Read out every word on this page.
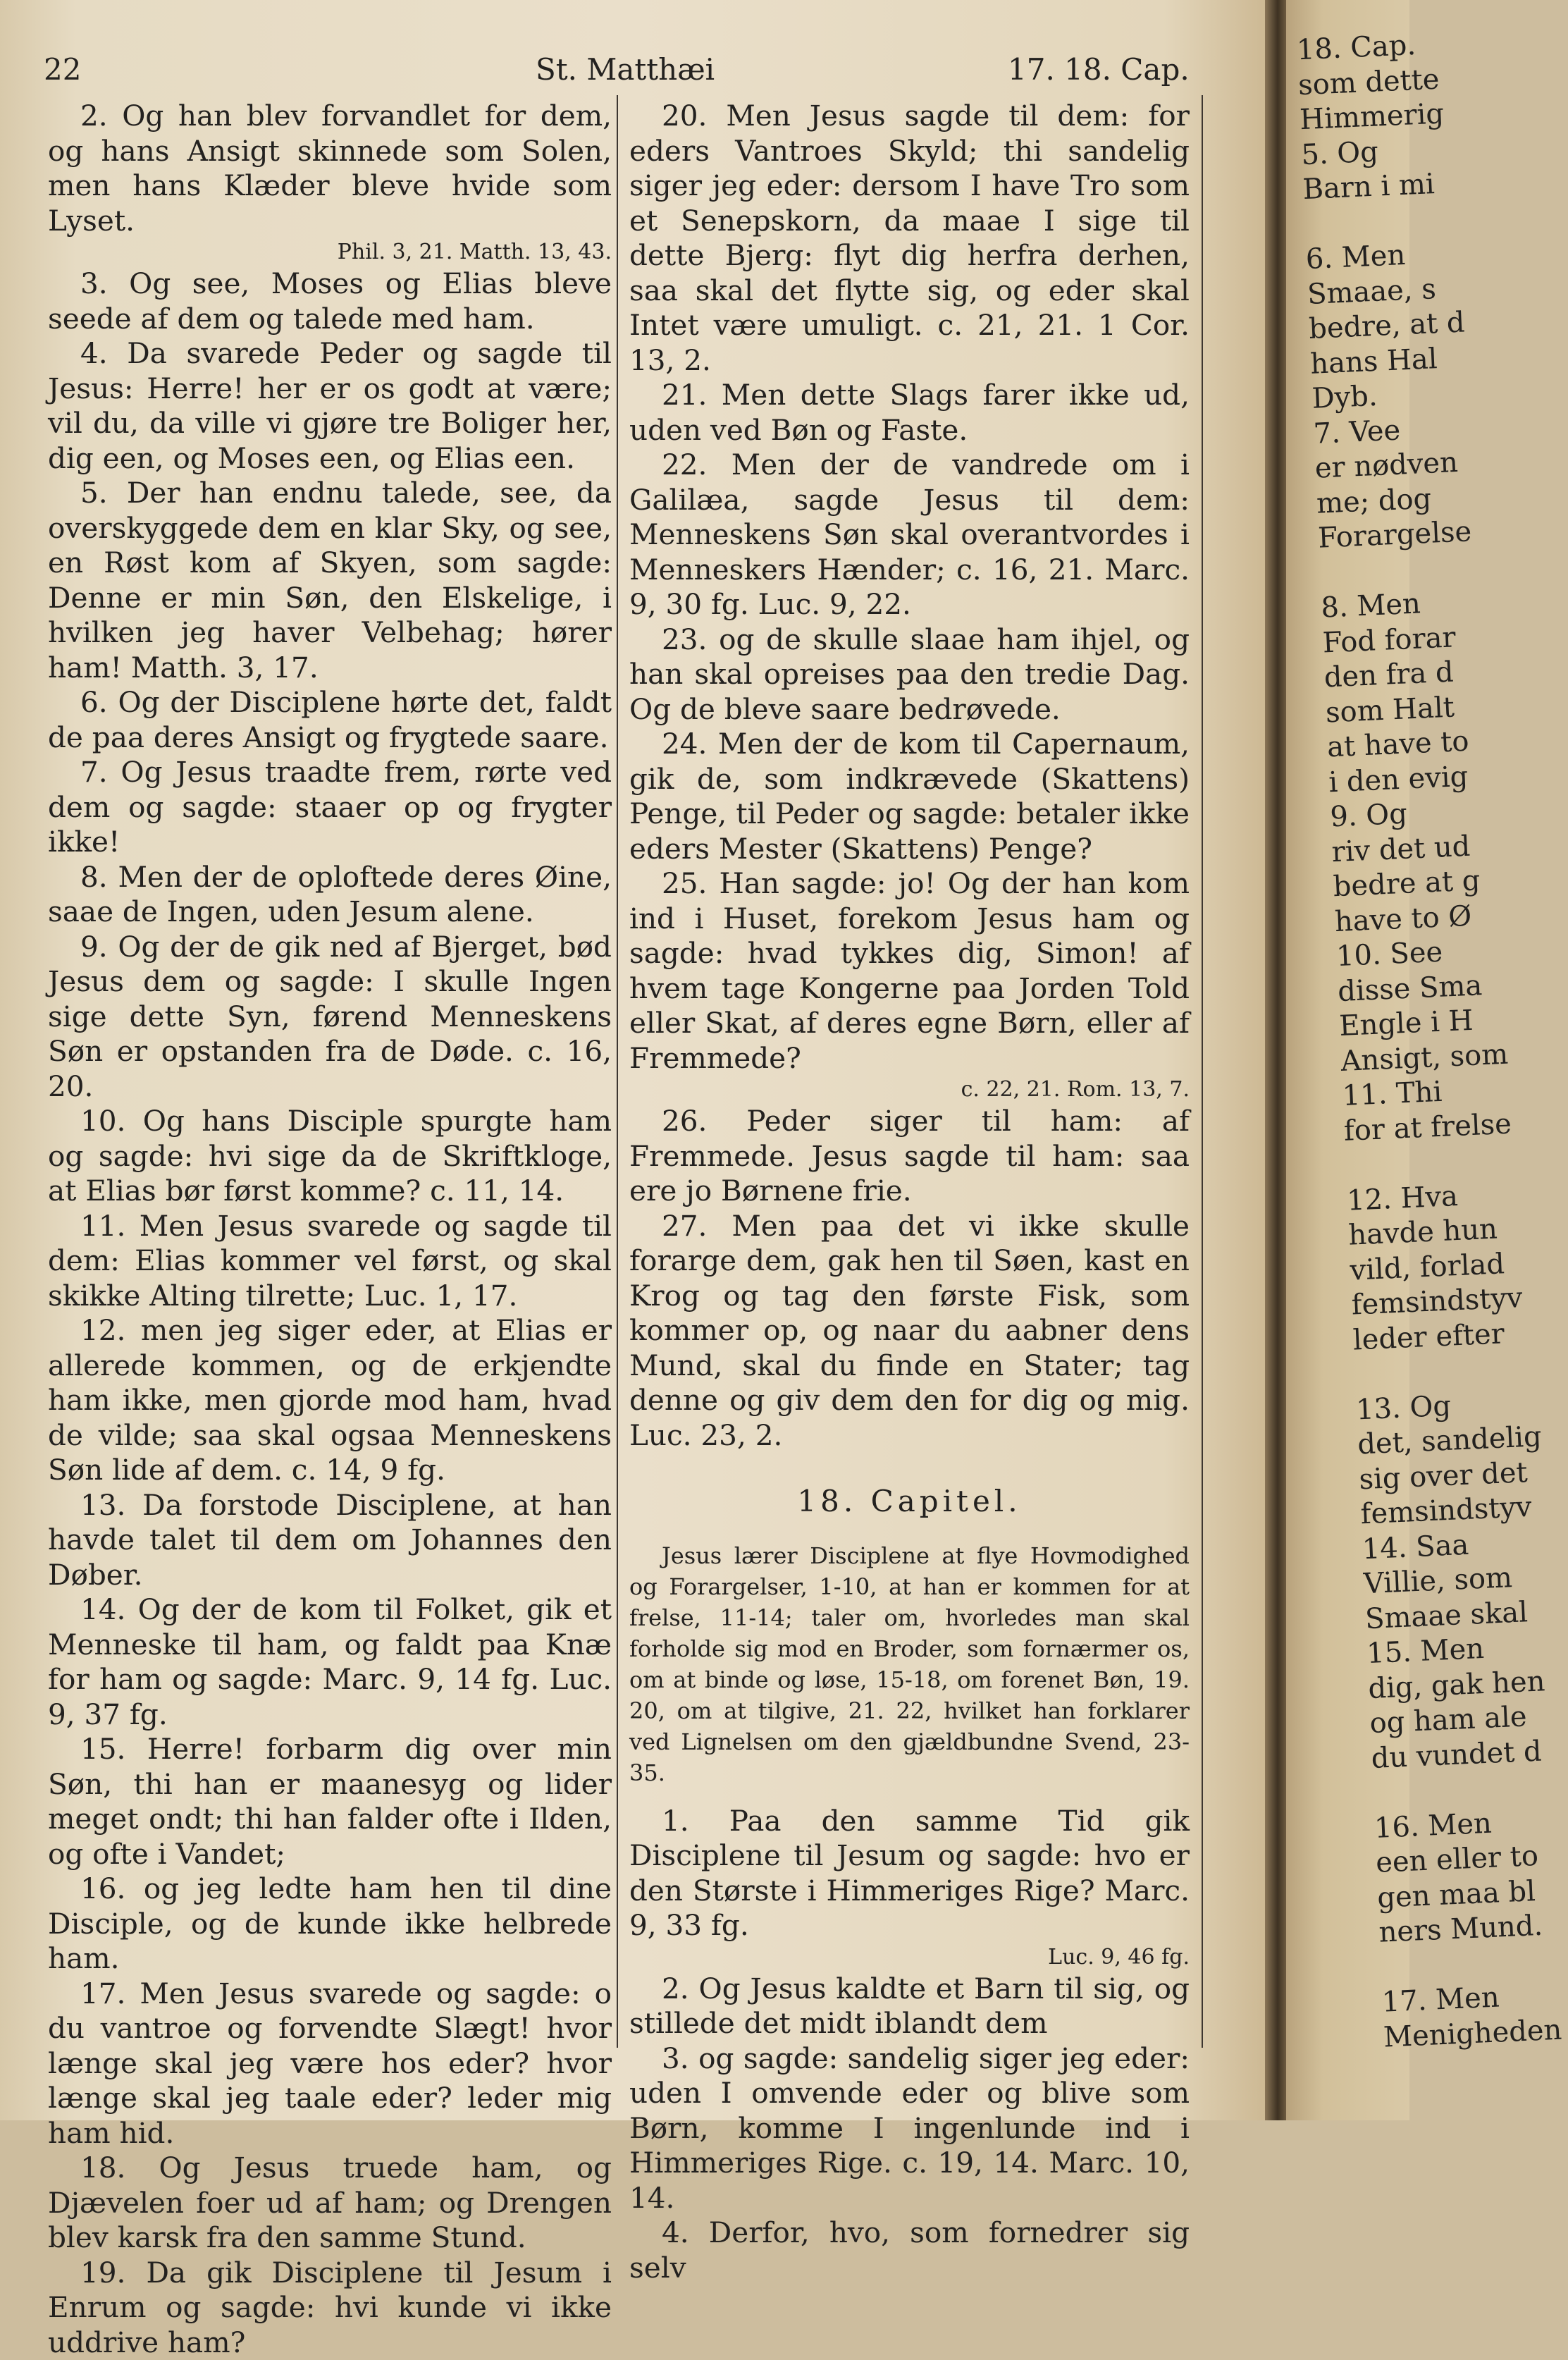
22	St. Matthæi	17. 18. Cap.

2. Og han blev forvandlet for dem, og hans Ansigt skinnede som Solen, men hans Klæder bleve hvide som Lyset.
Phil. 3, 21. Matth. 13, 43.

3. Og see, Moses og Elias bleve seede af dem og talede med ham.

4. Da svarede Peder og sagde til Jesus: Herre! her er os godt at være; vil du, da ville vi gjøre tre Boliger her, dig een, og Moses een, og Elias een.

5. Der han endnu talede, see, da overskyggede dem en klar Sky, og see, en Røst kom af Skyen, som sagde: Denne er min Søn, den Elskelige, i hvilken jeg haver Velbehag; hører ham! Matth. 3, 17.

6. Og der Disciplene hørte det, faldt de paa deres Ansigt og frygtede saare.

7. Og Jesus traadte frem, rørte ved dem og sagde: staaer op og frygter ikke!

8. Men der de oploftede deres Øine, saae de Ingen, uden Jesum alene.

9. Og der de gik ned af Bjerget, bød Jesus dem og sagde: I skulle Ingen sige dette Syn, førend Menneskens Søn er opstanden fra de Døde. c. 16, 20.

10. Og hans Disciple spurgte ham og sagde: hvi sige da de Skriftkloge, at Elias bør først komme? c. 11, 14.

11. Men Jesus svarede og sagde til dem: Elias kommer vel først, og skal skikke Alting tilrette; Luc. 1, 17.

12. men jeg siger eder, at Elias er allerede kommen, og de erkjendte ham ikke, men gjorde mod ham, hvad de vilde; saa skal ogsaa Menneskens Søn lide af dem. c. 14, 9 fg.

13. Da forstode Disciplene, at han havde talet til dem om Johannes den Døber.

14. Og der de kom til Folket, gik et Menneske til ham, og faldt paa Knæ for ham og sagde: Marc. 9, 14 fg. Luc. 9, 37 fg.

15. Herre! forbarm dig over min Søn, thi han er maanesyg og lider meget ondt; thi han falder ofte i Ilden, og ofte i Vandet;

16. og jeg ledte ham hen til dine Disciple, og de kunde ikke helbrede ham.

17. Men Jesus svarede og sagde: o du vantroe og forvendte Slægt! hvor længe skal jeg være hos eder? hvor længe skal jeg taale eder? leder mig ham hid.

18. Og Jesus truede ham, og Djævelen foer ud af ham; og Drengen blev karsk fra den samme Stund.

19. Da gik Disciplene til Jesum i Enrum og sagde: hvi kunde vi ikke uddrive ham?

20. Men Jesus sagde til dem: for eders Vantroes Skyld; thi sandelig siger jeg eder: dersom I have Tro som et Senepskorn, da maae I sige til dette Bjerg: flyt dig herfra derhen, saa skal det flytte sig, og eder skal Intet være umuligt. c. 21, 21. 1 Cor. 13, 2.

21. Men dette Slags farer ikke ud, uden ved Bøn og Faste.

22. Men der de vandrede om i Galilæa, sagde Jesus til dem: Menneskens Søn skal overantvordes i Menneskers Hænder; c. 16, 21. Marc. 9, 30 fg. Luc. 9, 22.

23. og de skulle slaae ham ihjel, og han skal opreises paa den tredie Dag. Og de bleve saare bedrøvede.

24. Men der de kom til Capernaum, gik de, som indkrævede (Skattens) Penge, til Peder og sagde: betaler ikke eders Mester (Skattens) Penge?

25. Han sagde: jo! Og der han kom ind i Huset, forekom Jesus ham og sagde: hvad tykkes dig, Simon! af hvem tage Kongerne paa Jorden Told eller Skat, af deres egne Børn, eller af Fremmede?
c. 22, 21. Rom. 13, 7.

26. Peder siger til ham: af Fremmede. Jesus sagde til ham: saa ere jo Børnene frie.

27. Men paa det vi ikke skulle forarge dem, gak hen til Søen, kast en Krog og tag den første Fisk, som kommer op, og naar du aabner dens Mund, skal du finde en Stater; tag denne og giv dem den for dig og mig. Luc. 23, 2.

18. Capitel.

Jesus lærer Disciplene at flye Hovmodighed og Forargelser, 1-10, at han er kommen for at frelse, 11-14; taler om, hvorledes man skal forholde sig mod en Broder, som fornærmer os, om at binde og løse, 15-18, om forenet Bøn, 19. 20, om at tilgive, 21. 22, hvilket han forklarer ved Lignelsen om den gjældbundne Svend, 23-35.

1. Paa den samme Tid gik Disciplene til Jesum og sagde: hvo er den Største i Himmeriges Rige? Marc. 9, 33 fg.
Luc. 9, 46 fg.

2. Og Jesus kaldte et Barn til sig, og stillede det midt iblandt dem

3. og sagde: sandelig siger jeg eder: uden I omvende eder og blive som Børn, komme I ingenlunde ind i Himmeriges Rige. c. 19, 14. Marc. 10, 14.

4. Derfor, hvo, som fornedrer sig selv

18. Cap.
som dette
Himmerig
5. Og
Barn i mi

6. Men
Smaae, s
bedre, at d
hans Hal
Dyb.
7. Vee
er nødven
me; dog
Forargelse

8. Men
Fod forar
den fra d
som Halt
at have to
i den evig
9. Og
riv det ud
bedre at g
have to Ø
10. See
disse Sma
Engle i H
Ansigt, som
11. Thi
for at frelse

12. Hva
havde hun
vild, forlad
femsindstyv
leder efter

13. Og
det, sandelig
sig over det
femsindstyv
14. Saa
Villie, som
Smaae skal
15. Men
dig, gak hen
og ham ale
du vundet d

16. Men
een eller to
gen maa bl
ners Mund.

17. Men
Menigheden
